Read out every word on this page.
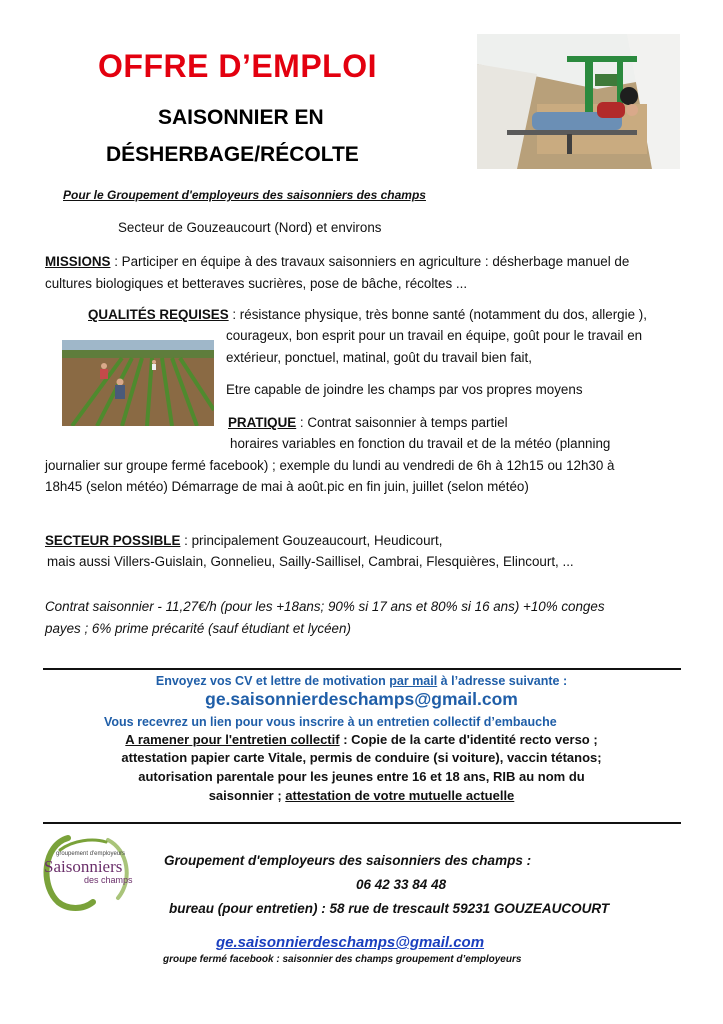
OFFRE D’EMPLOI
SAISONNIER EN
DÉSHERBAGE/RÉCOLTE
Pour le Groupement d'employeurs des saisonniers des champs
Secteur de Gouzeaucourt (Nord) et environs
MISSIONS : Participer en équipe à des travaux saisonniers en agriculture : désherbage manuel de
cultures biologiques et betteraves sucrières, pose de bâche, récoltes ...
QUALITÉS REQUISES : résistance physique, très bonne santé (notamment du dos, allergie ),
courageux, bon esprit pour un travail en équipe, goût pour le travail en
extérieur, ponctuel, matinal, goût du travail bien fait,
Etre capable de joindre les champs par vos propres moyens
PRATIQUE : Contrat saisonnier à temps partiel
horaires variables en fonction du travail et de la météo (planning
journalier sur groupe fermé facebook) ; exemple du lundi au vendredi de 6h à 12h15 ou 12h30 à
18h45 (selon météo) Démarrage de mai à août.pic en fin juin, juillet (selon météo)
SECTEUR POSSIBLE : principalement Gouzeaucourt, Heudicourt,
mais aussi Villers-Guislain, Gonnelieu, Sailly-Saillisel, Cambrai, Flesquières, Elincourt, ...
Contrat saisonnier - 11,27€/h (pour les +18ans; 90% si 17 ans et 80% si 16 ans) +10% conges
payes ; 6% prime précarité (sauf étudiant et lycéen)
Envoyez vos CV et lettre de motivation par mail à l’adresse suivante :
ge.saisonnierdeschamps@gmail.com
Vous recevrez un lien pour vous inscrire à un entretien collectif d’embauche
A ramener pour l'entretien collectif : Copie de la carte d'identité recto verso ;
attestation papier carte Vitale, permis de conduire (si voiture), vaccin tétanos;
autorisation parentale pour les jeunes entre 16 et 18 ans, RIB au nom du
saisonnier ; attestation de votre mutuelle actuelle
groupement d'employeurs
Saisonniers
des champs
Groupement d'employeurs des saisonniers des champs :
06 42 33 84 48
bureau (pour entretien) : 58 rue de trescault 59231 GOUZEAUCOURT
ge.saisonnierdeschamps@gmail.com
groupe fermé facebook : saisonnier des champs groupement d’employeurs
